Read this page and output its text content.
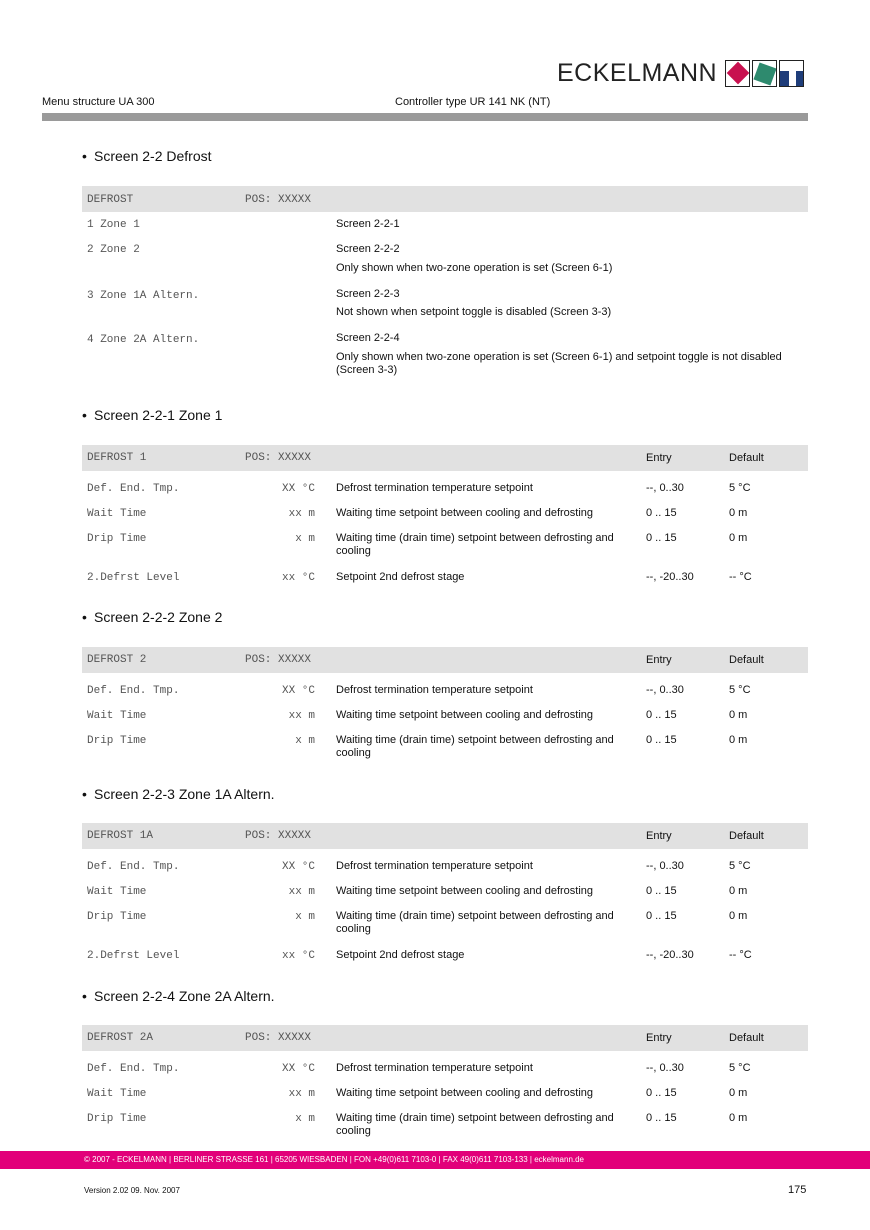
ECKELMANN
Menu structure UA 300	Controller type UR 141 NK (NT)
• Screen 2-2 Defrost
DEFROST	POS: XXXXX
1 Zone 1	Screen 2-2-1
2 Zone 2	Screen 2-2-2
Only shown when two-zone operation is set (Screen 6-1)
3 Zone 1A Altern.	Screen 2-2-3
Not shown when setpoint toggle is disabled (Screen 3-3)
4 Zone 2A Altern.	Screen 2-2-4
Only shown when two-zone operation is set (Screen 6-1) and setpoint toggle is not disabled
(Screen 3-3)
• Screen 2-2-1 Zone 1
DEFROST 1	POS: XXXXX	Entry	Default
Def. End. Tmp.	XX °C Defrost termination temperature setpoint	--, 0..30	5 °C
Wait Time	xx m Waiting time setpoint between cooling and defrosting	0 .. 15	0 m
Drip Time	x m Waiting time (drain time) setpoint between defrosting and
cooling
0 .. 15	0 m
2.Defrst Level	xx °C Setpoint 2nd defrost stage	--, -20..30	-- °C
• Screen 2-2-2 Zone 2
DEFROST 2	POS: XXXXX	Entry	Default
Def. End. Tmp.	XX °C Defrost termination temperature setpoint	--, 0..30	5 °C
Wait Time	xx m Waiting time setpoint between cooling and defrosting	0 .. 15	0 m
Drip Time	x m Waiting time (drain time) setpoint between defrosting and
cooling
0 .. 15	0 m
• Screen 2-2-3 Zone 1A Altern.
DEFROST 1A	POS: XXXXX	Entry	Default
Def. End. Tmp.	XX °C Defrost termination temperature setpoint	--, 0..30	5 °C
Wait Time	xx m Waiting time setpoint between cooling and defrosting	0 .. 15	0 m
Drip Time	x m Waiting time (drain time) setpoint between defrosting and
cooling
0 .. 15	0 m
2.Defrst Level	xx °C Setpoint 2nd defrost stage	--, -20..30	-- °C
• Screen 2-2-4 Zone 2A Altern.
DEFROST 2A	POS: XXXXX	Entry	Default
Def. End. Tmp.	XX °C Defrost termination temperature setpoint	--, 0..30	5 °C
Wait Time	xx m Waiting time setpoint between cooling and defrosting	0 .. 15	0 m
Drip Time	x m Waiting time (drain time) setpoint between defrosting and
cooling
0 .. 15	0 m
© 2007 - ECKELMANN | BERLINER STRASSE 161 | 65205 WIESBADEN | FON +49(0)611 7103-0 | FAX 49(0)611 7103-133 | eckelmann.de
Version 2.02 09. Nov. 2007	175
